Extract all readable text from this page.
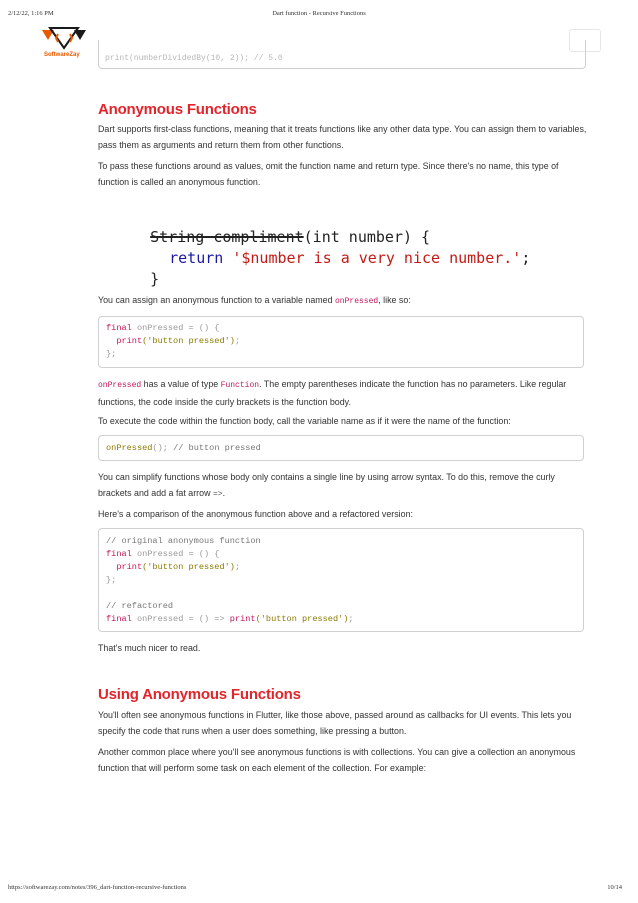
2/12/22, 1:16 PM	Dart function - Recursive Functions
SoftwareZay	print(numberDividedBy(10, 2)); // 5.0
Anonymous Functions

Dart supports first-class functions, meaning that it treats functions like any other data type. You can assign them to variables, pass them as arguments and return them from other functions.

To pass these functions around as values, omit the function name and return type. Since there's no name, this type of function is called an anonymous function.

String compliment(int number) {

return '$number is a very nice number.';

}

You can assign an anonymous function to a variable named onPressed, like so:

final onPressed = () {
print('button pressed');
};

onPressed has a value of type Function. The empty parentheses indicate the function has no parameters. Like regular functions, the code inside the curly brackets is the function body.

To execute the code within the function body, call the variable name as if it were the name of the function:

onPressed(); // button pressed

You can simplify functions whose body only contains a single line by using arrow syntax. To do this, remove the curly brackets and add a fat arrow =>.

Here's a comparison of the anonymous function above and a refactored version:

// original anonymous function
final onPressed = () {
print('button pressed');
};
// refactored
final onPressed = () => print('button pressed');

That's much nicer to read.

Using Anonymous Functions

You'll often see anonymous functions in Flutter, like those above, passed around as callbacks for UI events. This lets you specify the code that runs when a user does something, like pressing a button.

Another common place where you'll see anonymous functions is with collections. You can give a collection an anonymous function that will perform some task on each element of the collection. For example:

https://softwarezay.com/notes/396_dart-function-recursive-functions	10/14
